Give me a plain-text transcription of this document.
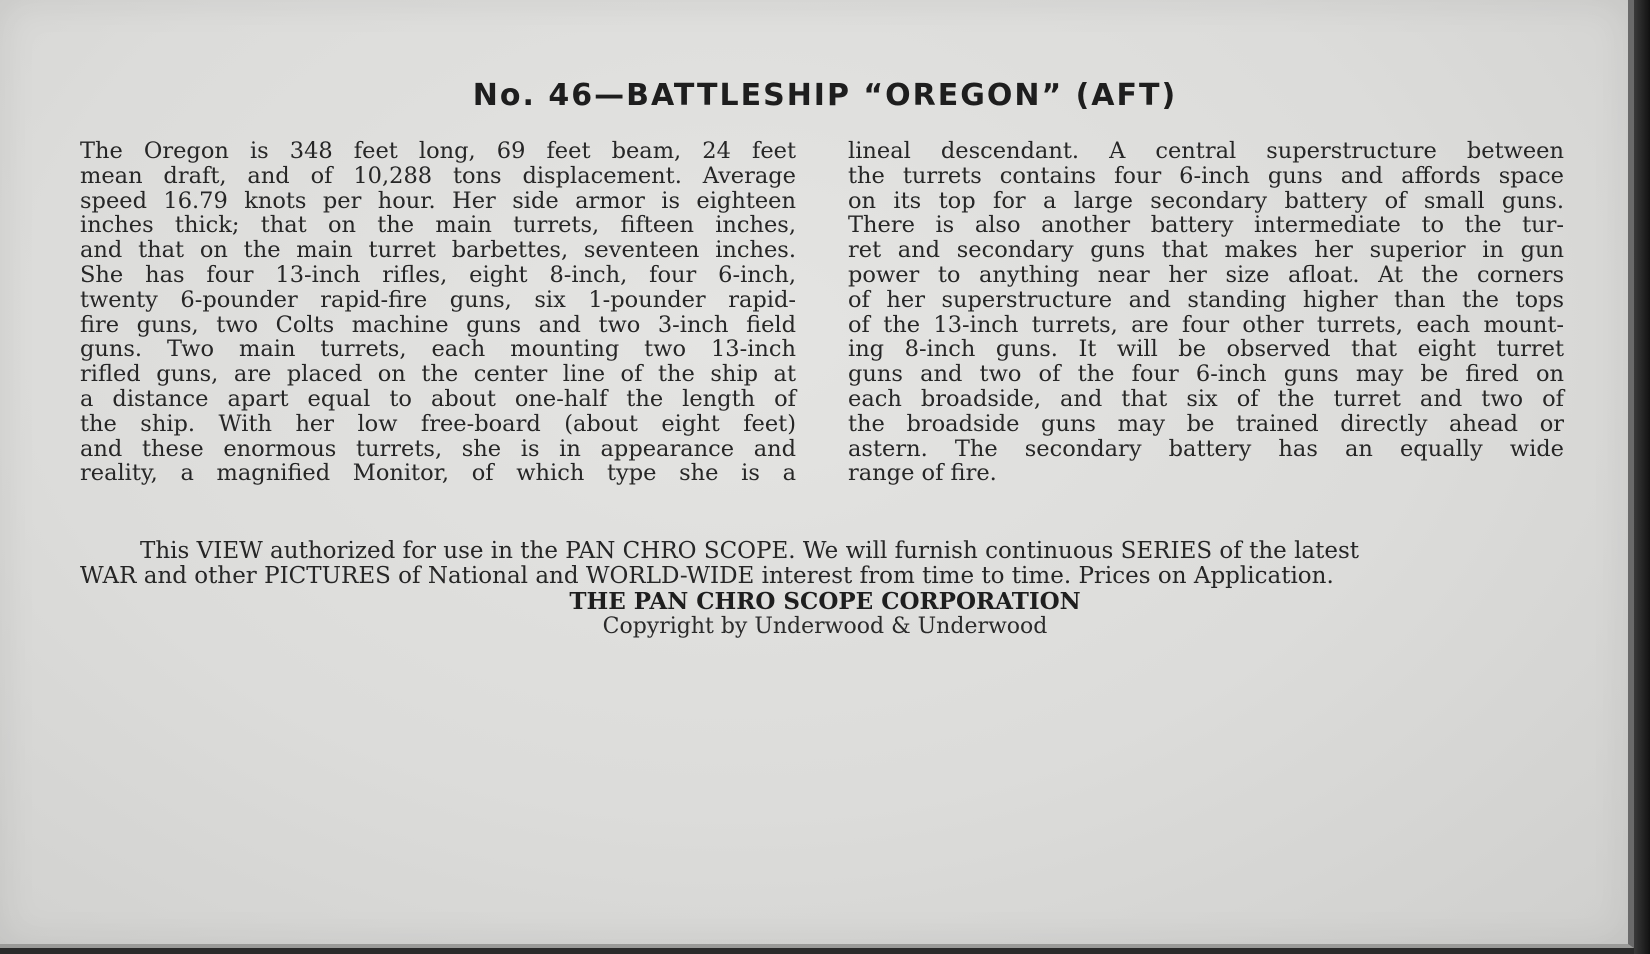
No. 46—BATTLESHIP “OREGON” (AFT)
The Oregon is 348 feet long, 69 feet beam, 24 feet
mean draft, and of 10,288 tons displacement. Average
speed 16.79 knots per hour. Her side armor is eighteen
inches thick; that on the main turrets, fifteen inches,
and that on the main turret barbettes, seventeen inches.
She has four 13-inch rifles, eight 8-inch, four 6-inch,
twenty 6-pounder rapid-fire guns, six 1-pounder rapid-
fire guns, two Colts machine guns and two 3-inch field
guns. Two main turrets, each mounting two 13-inch
rifled guns, are placed on the center line of the ship at
a distance apart equal to about one-half the length of
the ship. With her low free-board (about eight feet)
and these enormous turrets, she is in appearance and
reality, a magnified Monitor, of which type she is a
lineal descendant. A central superstructure between
the turrets contains four 6-inch guns and affords space
on its top for a large secondary battery of small guns.
There is also another battery intermediate to the tur-
ret and secondary guns that makes her superior in gun
power to anything near her size afloat. At the corners
of her superstructure and standing higher than the tops
of the 13-inch turrets, are four other turrets, each mount-
ing 8-inch guns. It will be observed that eight turret
guns and two of the four 6-inch guns may be fired on
each broadside, and that six of the turret and two of
the broadside guns may be trained directly ahead or
astern. The secondary battery has an equally wide
range of fire.
This VIEW authorized for use in the PAN CHRO SCOPE. We will furnish continuous SERIES of the latest
WAR and other PICTURES of National and WORLD-WIDE interest from time to time. Prices on Application.
THE PAN CHRO SCOPE CORPORATION
Copyright by Underwood & Underwood
